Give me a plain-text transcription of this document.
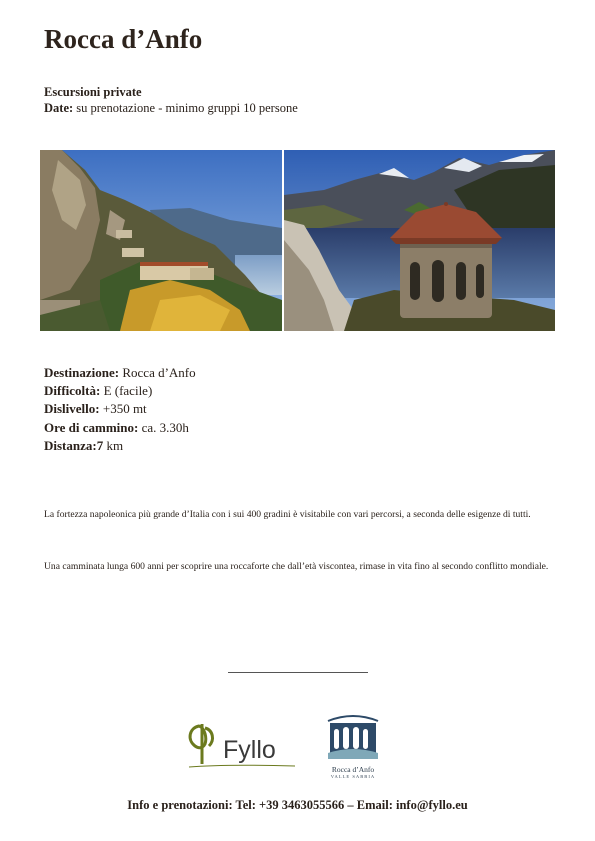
Rocca d’Anfo
Escursioni private
Date: su prenotazione - minimo gruppi 10 persone
Destinazione: Rocca d’Anfo
Difficoltà: E (facile)
Dislivello: +350 mt
Ore di cammino: ca. 3.30h
Distanza:7 km

La fortezza napoleonica più grande d’Italia con i sui 400 gradini è visitabile con vari percorsi, a seconda delle esigenze di tutti.

Una camminata lunga 600 anni per scoprire una roccaforte che dall’età viscontea, rimase in vita fino al secondo conflitto mondiale.

Fyllo
Rocca d’Anfo
VALLE SABBIA
Info e prenotazioni: Tel: +39 3463055566 – Email: info@fyllo.eu
